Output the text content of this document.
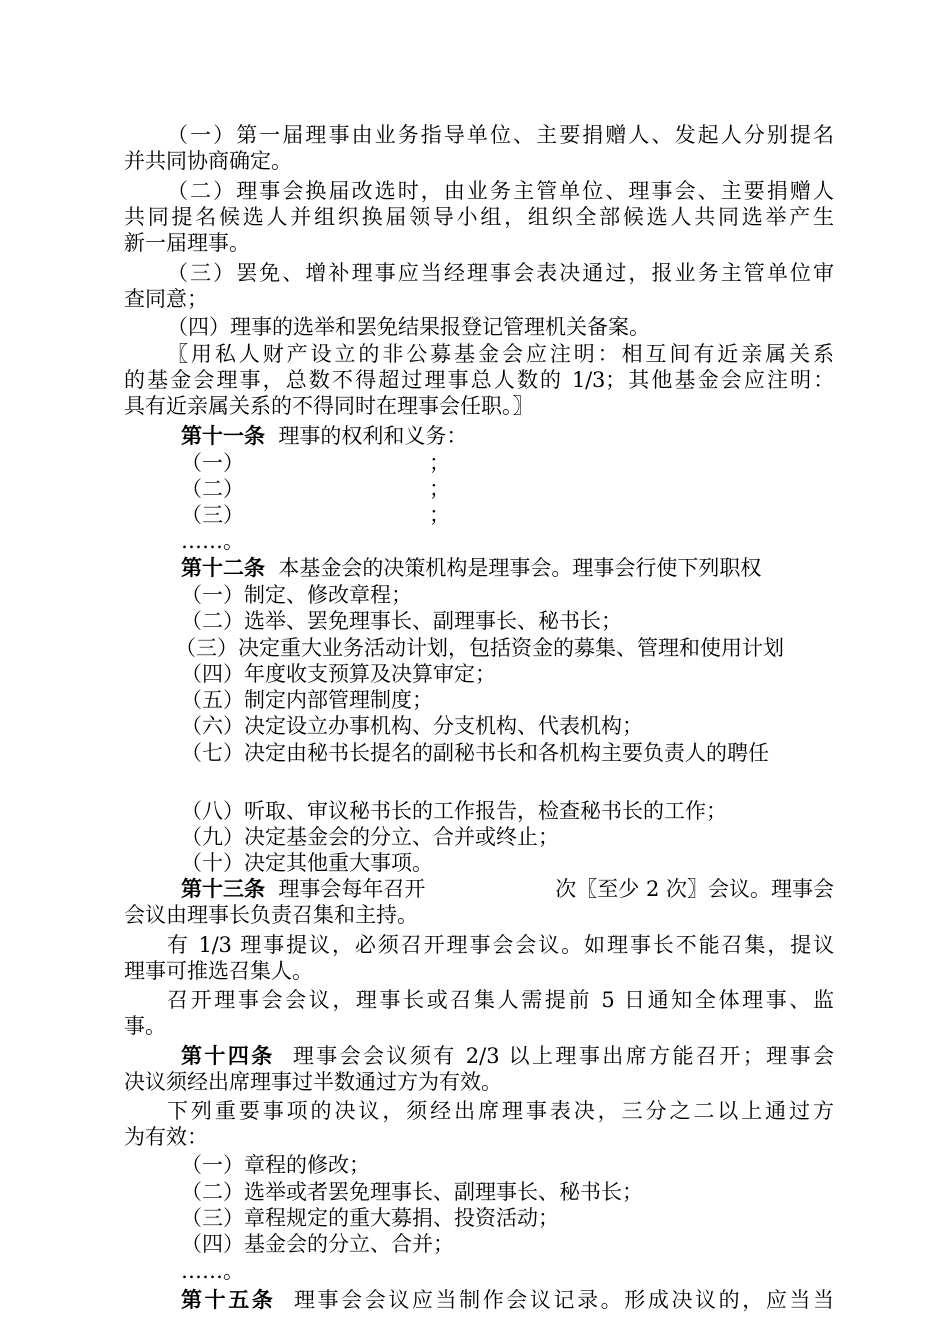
（一）第一届理事由业务指导单位、主要捐赠人、发起人分别提名
并共同协商确定。
（二）理事会换届改选时，由业务主管单位、理事会、主要捐赠人
共同提名候选人并组织换届领导小组，组织全部候选人共同选举产生
新一届理事。
（三）罢免、增补理事应当经理事会表决通过，报业务主管单位审
查同意；
（四）理事的选举和罢免结果报登记管理机关备案。
〖用私人财产设立的非公募基金会应注明：相互间有近亲属关系
的基金会理事，总数不得超过理事总人数的 1/3；其他基金会应注明：
具有近亲属关系的不得同时在理事会任职。〗
第十一条 理事的权利和义务：
（一）	；
（二）	；
（三）	；
……。
第十二条 本基金会的决策机构是理事会。理事会行使下列职权
（一）制定、修改章程；
（二）选举、罢免理事长、副理事长、秘书长；
（三）决定重大业务活动计划，包括资金的募集、管理和使用计划
（四）年度收支预算及决算审定；
（五）制定内部管理制度；
（六）决定设立办事机构、分支机构、代表机构；
（七）决定由秘书长提名的副秘书长和各机构主要负责人的聘任
（八）听取、审议秘书长的工作报告，检查秘书长的工作；
（九）决定基金会的分立、合并或终止；
（十）决定其他重大事项。
第十三条 理事会每年召开	次〖至少 2 次〗会议。理事会
会议由理事长负责召集和主持。
有 1/3 理事提议，必须召开理事会会议。如理事长不能召集，提议
理事可推选召集人。
召开理事会会议，理事长或召集人需提前 5 日通知全体理事、监
事。
第十四条 理事会会议须有 2/3 以上理事出席方能召开；理事会
决议须经出席理事过半数通过方为有效。
下列重要事项的决议，须经出席理事表决，三分之二以上通过方
为有效：
（一）章程的修改；
（二）选举或者罢免理事长、副理事长、秘书长；
（三）章程规定的重大募捐、投资活动；
（四）基金会的分立、合并；
……。
第十五条 理事会会议应当制作会议记录。形成决议的，应当当
